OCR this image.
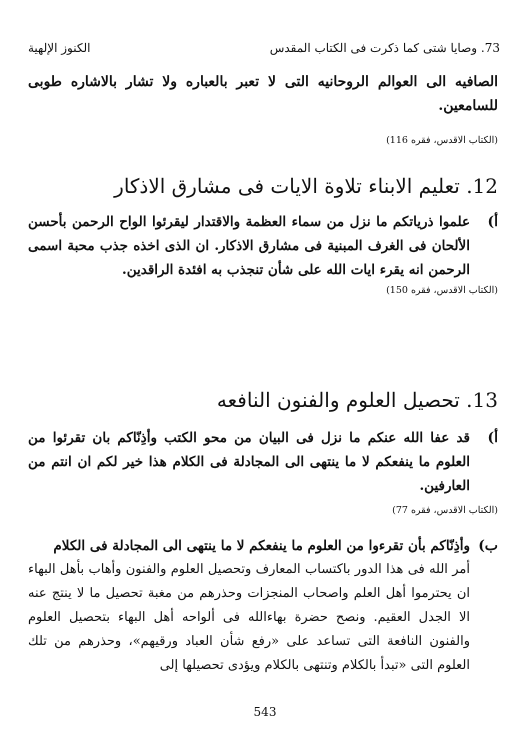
73. وصايا شتى كما ذكرت فى الكتاب المقدس
الكنوز الإلهية
الصافيه الى العوالم الروحانيه التى لا تعبر بالعباره ولا تشار بالاشاره طوبى للسامعين.
(الكتاب الاقدس، فقره 116)
12. تعليم الابناء تلاوة الايات فى مشارق الاذكار
أ)
علموا ذرياتكم ما نزل من سماء العظمة والاقتدار ليقرئوا الواح الرحمن بأحسن الألحان فى الغرف المبنية فى مشارق الاذكار. ان الذى اخذه جذب محبة اسمى الرحمن انه يقرء ايات الله على شأن تنجذب به افئدة الراقدين.
(الكتاب الاقدس، فقره 150)
13. تحصيل العلوم والفنون النافعه
أ)
قد عفا الله عنكم ما نزل فى البيان من محو الكتب وأذِنّاكم بان تقرئوا من العلوم ما ينفعكم لا ما ينتهى الى المجادلة فى الكلام هذا خير لكم ان انتم من العارفين.
(الكتاب الاقدس، فقره 77)
ب)
وأذِنّاكم بأن تقرءوا من العلوم ما ينفعكم لا ما ينتهى الى المجادلة فى الكلام
أمر الله فى هذا الدور باكتساب المعارف وتحصيل العلوم والفنون وأهاب بأهل البهاء ان يحترموا أهل العلم واصحاب المنجزات وحذرهم من مغبة تحصيل ما لا ينتج عنه الا الجدل العقيم. ونصح حضرة بهاءالله فى ألواحه أهل البهاء بتحصيل العلوم والفنون النافعة التى تساعد على «رفع شأن العباد ورقيهم»، وحذرهم من تلك العلوم التى «تبدأ بالكلام وتنتهى بالكلام ويؤدى تحصيلها إلى
543
